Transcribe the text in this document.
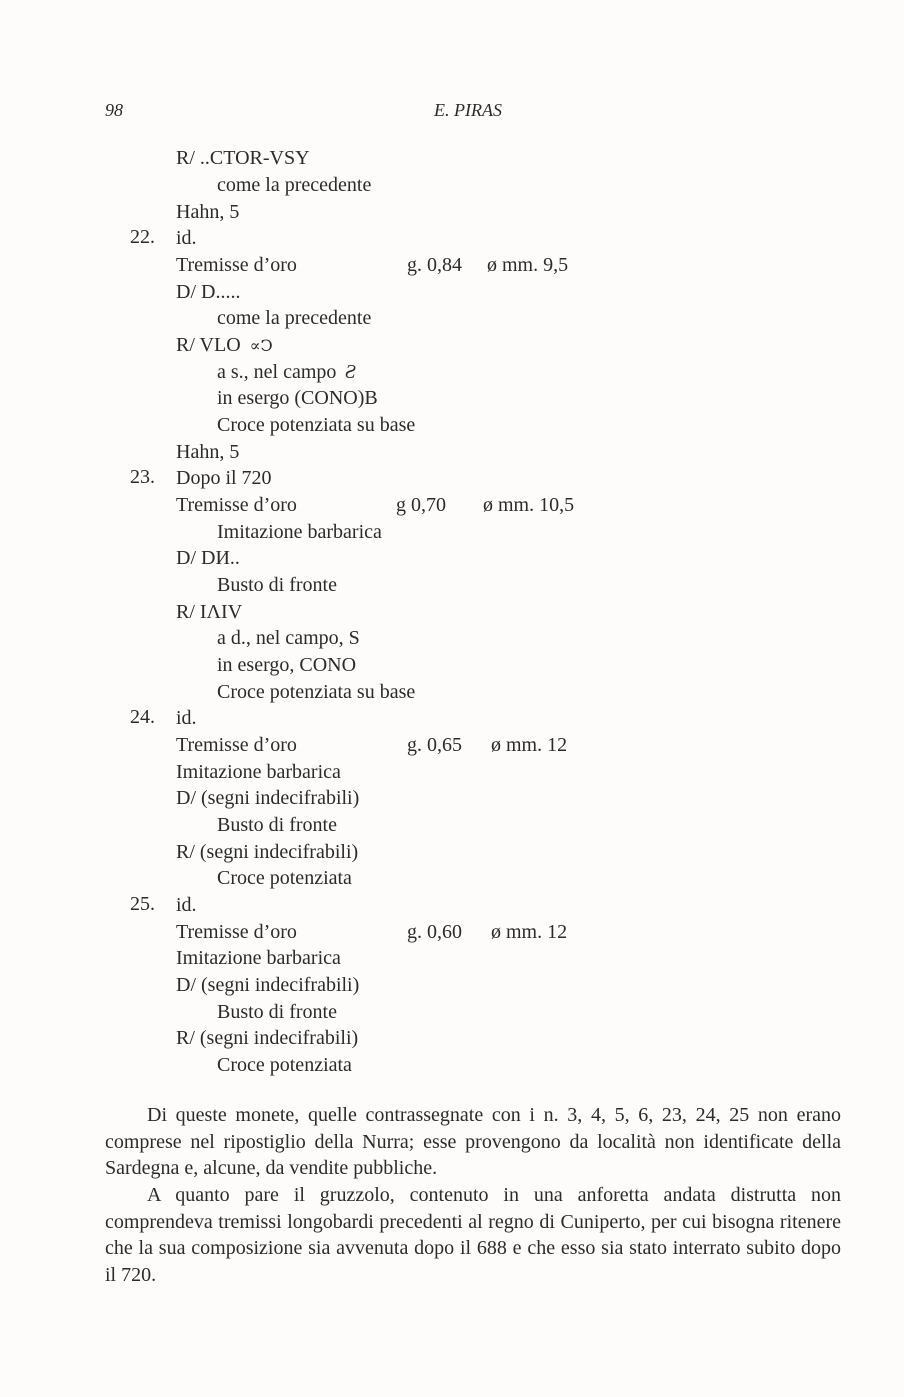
98	E. PIRAS
R/ ..CTOR-VSY
come la precedente
Hahn, 5
22. id.
Tremisse d’oro	g. 0,84 ø mm. 9,5
D/ D.....
come la precedente
R/ VLO ∝Ↄ
a s., nel campo Ƨ
in esergo (CONO)B
Croce potenziata su base
Hahn, 5
23. Dopo il 720
Tremisse d’oro	g 0,70 ø mm. 10,5
Imitazione barbarica
D/ DИ..
Busto di fronte
R/ IΛIV
a d., nel campo, S
in esergo, CONO
Croce potenziata su base
24. id.
Tremisse d’oro	g. 0,65 ø mm. 12
Imitazione barbarica
D/ (segni indecifrabili)
Busto di fronte
R/ (segni indecifrabili)
Croce potenziata
25. id.
Tremisse d’oro	g. 0,60 ø mm. 12
Imitazione barbarica
D/ (segni indecifrabili)
Busto di fronte
R/ (segni indecifrabili)
Croce potenziata

Di queste monete, quelle contrassegnate con i n. 3, 4, 5, 6, 23, 24, 25 non erano comprese nel ripostiglio della Nurra; esse provengono da località non identificate della Sardegna e, alcune, da vendite pubbliche.

A quanto pare il gruzzolo, contenuto in una anforetta andata distrutta non comprendeva tremissi longobardi precedenti al regno di Cuniperto, per cui bisogna ritenere che la sua composizione sia avvenuta dopo il 688 e che esso sia stato interrato subito dopo il 720.
